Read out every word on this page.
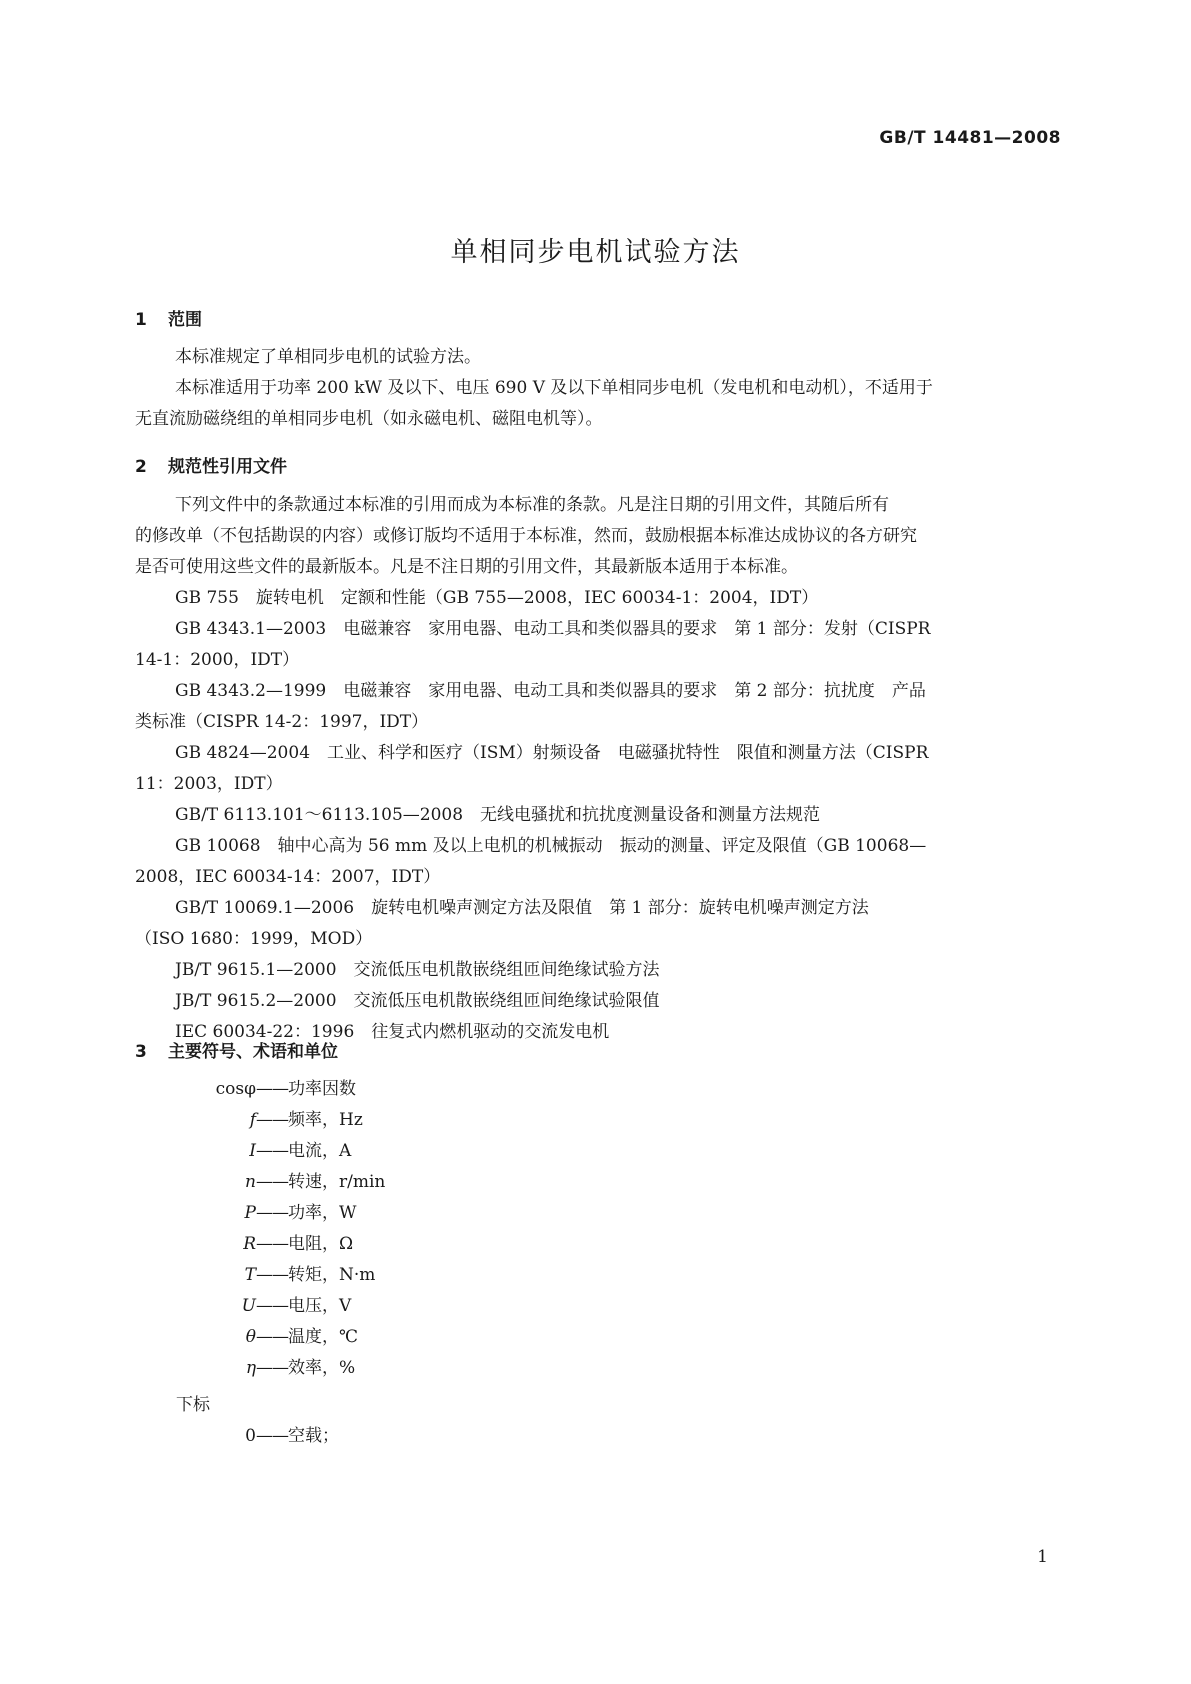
GB/T 14481—2008
单相同步电机试验方法
1 范围
本标准规定了单相同步电机的试验方法。
本标准适用于功率 200 kW 及以下、电压 690 V 及以下单相同步电机（发电机和电动机），不适用于
无直流励磁绕组的单相同步电机（如永磁电机、磁阻电机等）。
2 规范性引用文件
下列文件中的条款通过本标准的引用而成为本标准的条款。凡是注日期的引用文件，其随后所有
的修改单（不包括勘误的内容）或修订版均不适用于本标准，然而，鼓励根据本标准达成协议的各方研究
是否可使用这些文件的最新版本。凡是不注日期的引用文件，其最新版本适用于本标准。
GB 755　旋转电机　定额和性能（GB 755—2008，IEC 60034-1：2004，IDT）
GB 4343.1—2003　电磁兼容　家用电器、电动工具和类似器具的要求　第 1 部分：发射（CISPR
14-1：2000，IDT）
GB 4343.2—1999　电磁兼容　家用电器、电动工具和类似器具的要求　第 2 部分：抗扰度　产品
类标准（CISPR 14-2：1997，IDT）
GB 4824—2004　工业、科学和医疗（ISM）射频设备　电磁骚扰特性　限值和测量方法（CISPR
11：2003，IDT）
GB/T 6113.101～6113.105—2008　无线电骚扰和抗扰度测量设备和测量方法规范
GB 10068　轴中心高为 56 mm 及以上电机的机械振动　振动的测量、评定及限值（GB 10068—
2008，IEC 60034-14：2007，IDT）
GB/T 10069.1—2006　旋转电机噪声测定方法及限值　第 1 部分：旋转电机噪声测定方法
（ISO 1680：1999，MOD）
JB/T 9615.1—2000　交流低压电机散嵌绕组匝间绝缘试验方法
JB/T 9615.2—2000　交流低压电机散嵌绕组匝间绝缘试验限值
IEC 60034-22：1996　往复式内燃机驱动的交流发电机
3 主要符号、术语和单位
cosφ——功率因数
f——频率，Hz
I——电流，A
n——转速，r/min
P——功率，W
R——电阻，Ω
T——转矩，N·m
U——电压，V
θ——温度，℃
η——效率，%
下标
0——空载；
1
